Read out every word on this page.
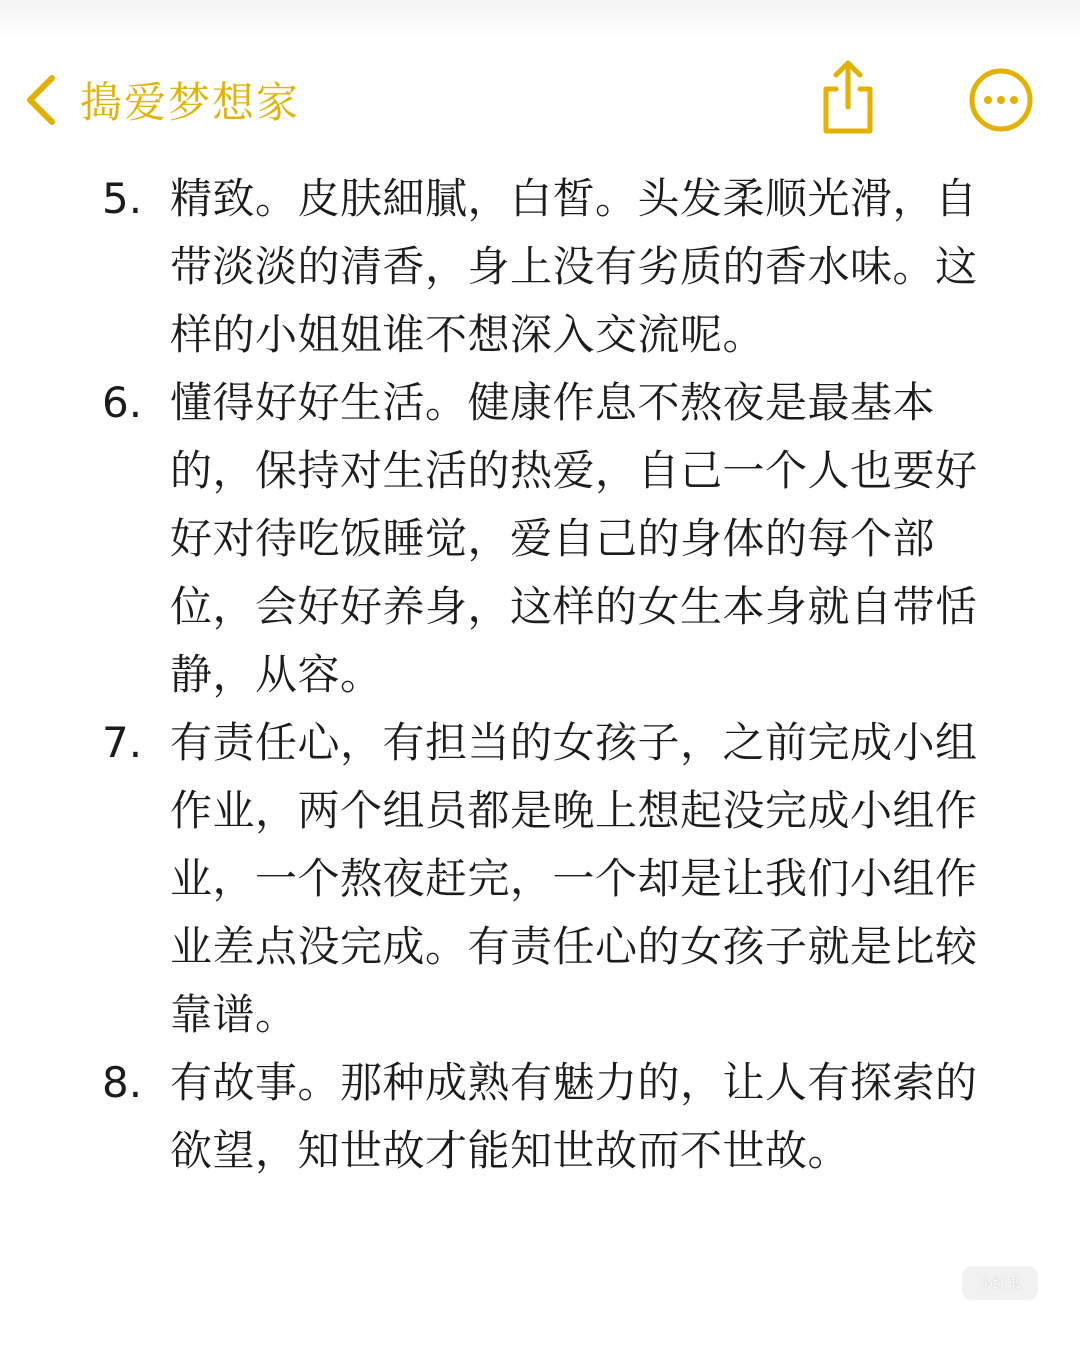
搗爱梦想家
5. 精致。皮肤細膩，白皙。头发柔顺光滑，自带淡淡的清香，身上没有劣质的香水味。这样的小姐姐谁不想深入交流呢。
6. 懂得好好生活。健康作息不熬夜是最基本的，保持对生活的热爱，自己一个人也要好好对待吃饭睡觉，爱自己的身体的每个部位，会好好养身，这样的女生本身就自带恬静，从容。
7. 有责任心，有担当的女孩子，之前完成小组作业，两个组员都是晚上想起没完成小组作业，一个熬夜赶完，一个却是让我们小组作业差点没完成。有责任心的女孩子就是比较靠谱。
8. 有故事。那种成熟有魅力的，让人有探索的欲望，知世故才能知世故而不世故。
小红书
